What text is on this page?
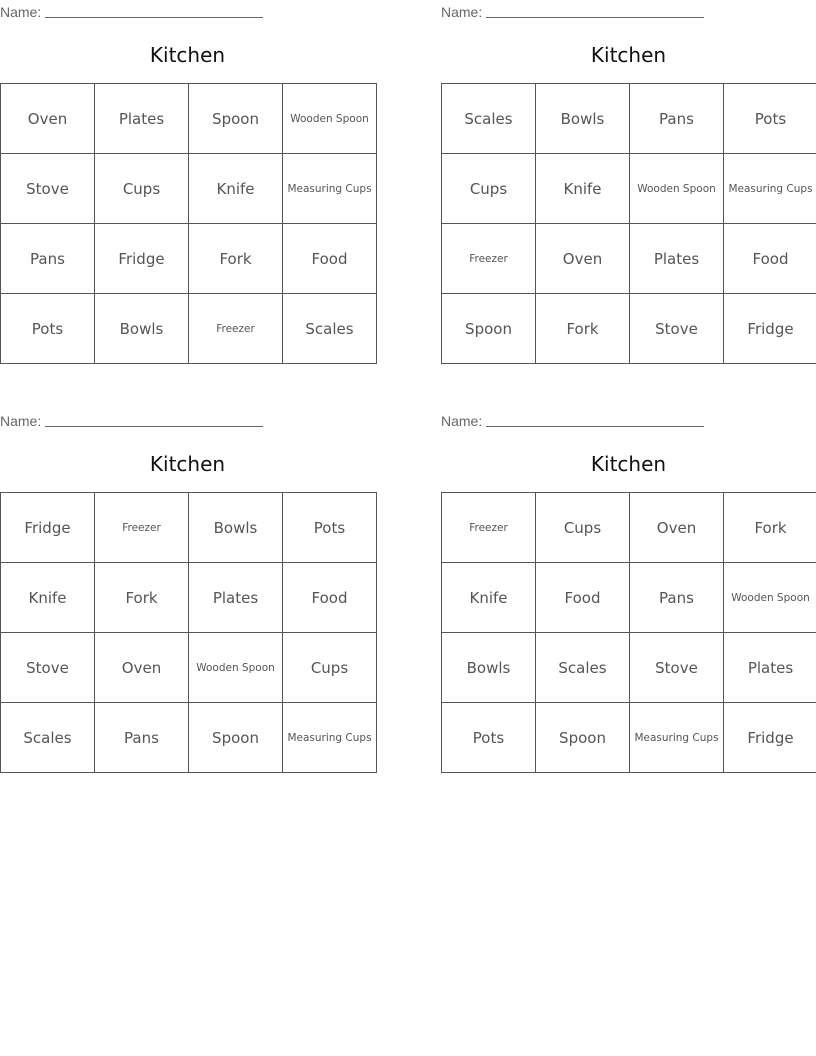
Name:
Kitchen
Oven	Plates	Spoon	Wooden Spoon
Stove	Cups	Knife	Measuring Cups
Pans	Fridge	Fork	Food
Pots	Bowls	Freezer	Scales
Name:
Kitchen
Scales	Bowls	Pans	Pots
Cups	Knife	Wooden Spoon	Measuring Cups
Freezer	Oven	Plates	Food
Spoon	Fork	Stove	Fridge
Name:
Kitchen
Fridge	Freezer	Bowls	Pots
Knife	Fork	Plates	Food
Stove	Oven	Wooden Spoon	Cups
Scales	Pans	Spoon	Measuring Cups
Name:
Kitchen
Freezer	Cups	Oven	Fork
Knife	Food	Pans	Wooden Spoon
Bowls	Scales	Stove	Plates
Pots	Spoon	Measuring Cups	Fridge
